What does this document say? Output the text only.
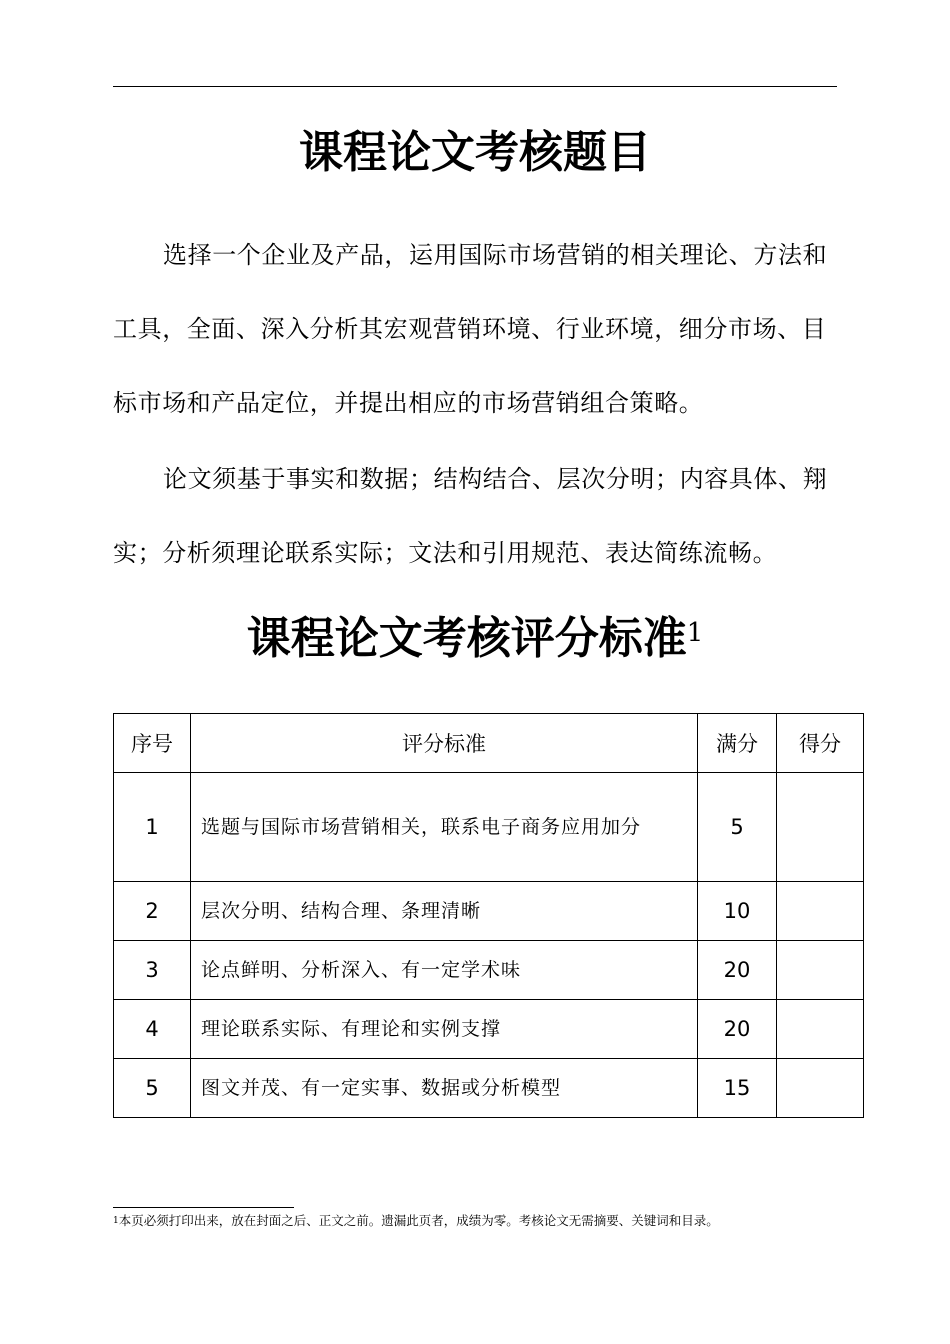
课程论文考核题目

选择一个企业及产品，运用国际市场营销的相关理论、方法和工具，全面、深入分析其宏观营销环境、行业环境，细分市场、目标市场和产品定位，并提出相应的市场营销组合策略。

论文须基于事实和数据；结构结合、层次分明；内容具体、翔实；分析须理论联系实际；文法和引用规范、表达简练流畅。

课程论文考核评分标准$^1$
序号	评分标准	满分	得分
1	选题与国际市场营销相关，联系电子商务应用加分	5	
2	层次分明、结构合理、条理清晰	10	
3	论点鲜明、分析深入、有一定学术味	20	
4	理论联系实际、有理论和实例支撑	20	
5	图文并茂、有一定实事、数据或分析模型	15	

$^1$本页必须打印出来，放在封面之后、正文之前。遗漏此页者，成绩为零。考核论文无需摘要、关键词和目录。
